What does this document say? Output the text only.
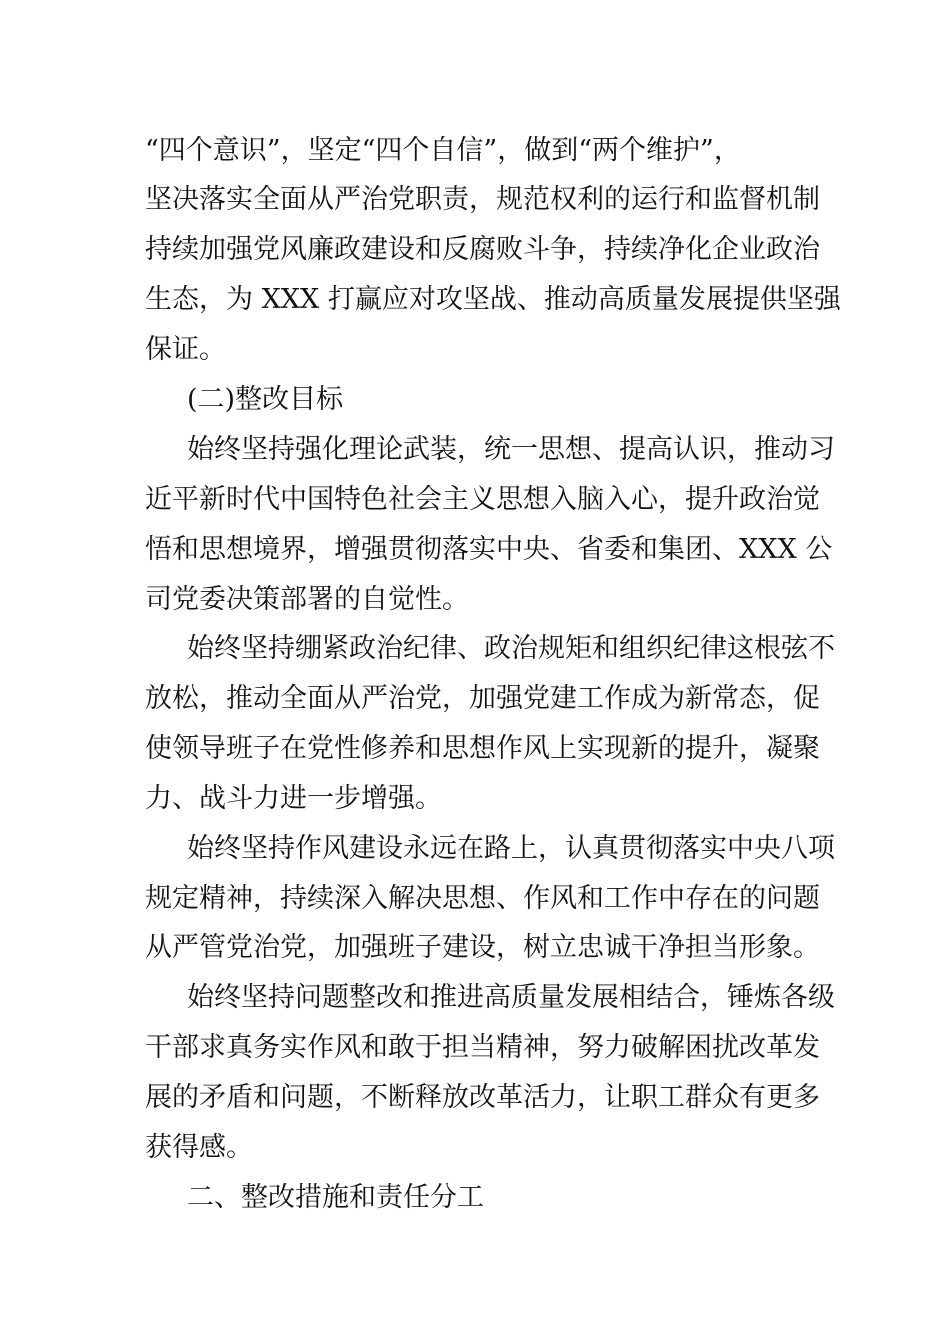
“四个意识”，坚定“四个自信”，做到“两个维护”，
坚决落实全面从严治党职责，规范权利的运行和监督机制
持续加强党风廉政建设和反腐败斗争，持续净化企业政治
生态，为 XXX 打赢应对攻坚战、推动高质量发展提供坚强
保证。
(二)整改目标
始终坚持强化理论武装，统一思想、提高认识，推动习
近平新时代中国特色社会主义思想入脑入心，提升政治觉
悟和思想境界，增强贯彻落实中央、省委和集团、XXX 公
司党委决策部署的自觉性。
始终坚持绷紧政治纪律、政治规矩和组织纪律这根弦不
放松，推动全面从严治党，加强党建工作成为新常态，促
使领导班子在党性修养和思想作风上实现新的提升，凝聚
力、战斗力进一步增强。
始终坚持作风建设永远在路上，认真贯彻落实中央八项
规定精神，持续深入解决思想、作风和工作中存在的问题
从严管党治党，加强班子建设，树立忠诚干净担当形象。
始终坚持问题整改和推进高质量发展相结合，锤炼各级
干部求真务实作风和敢于担当精神，努力破解困扰改革发
展的矛盾和问题，不断释放改革活力，让职工群众有更多
获得感。
二、整改措施和责任分工
